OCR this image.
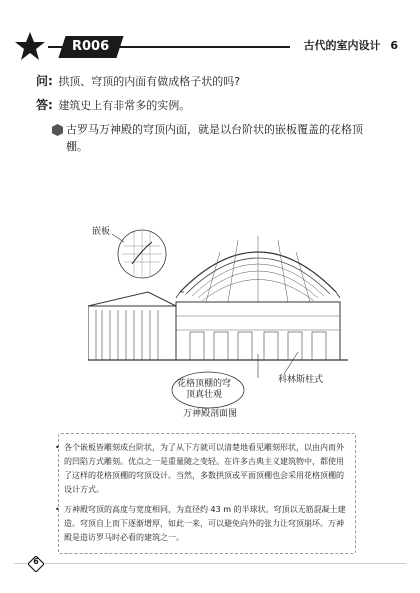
R006	古代的室内设计 6
问: 拱顶、穹顶的内面有做成格子状的吗?
答: 建筑史上有非常多的实例。
古罗马万神殿的穹顶内面，就是以台阶状的嵌板覆盖的花格顶棚。
嵌板
花格顶棚的穹顶真壮观
科林斯柱式
万神殿剖面图
• 各个嵌板皆雕刻成台阶状，为了从下方就可以清楚地看见雕刻形状，以由内而外的凹陷方式雕刻。优点之一是重量随之变轻。在许多古典主义建筑物中，都使用了这样的花格顶棚的穹顶设计。当然，多数拱顶或平面顶棚也会采用花格顶棚的设计方式。
• 万神殿穹顶的高度与宽度相同，为直径约 43 m 的半球状。穹顶以无筋混凝土建造。穹顶自上而下逐渐增厚，如此一来，可以避免向外的张力让穹顶崩坏。万神殿是造访罗马时必看的建筑之一。
6
